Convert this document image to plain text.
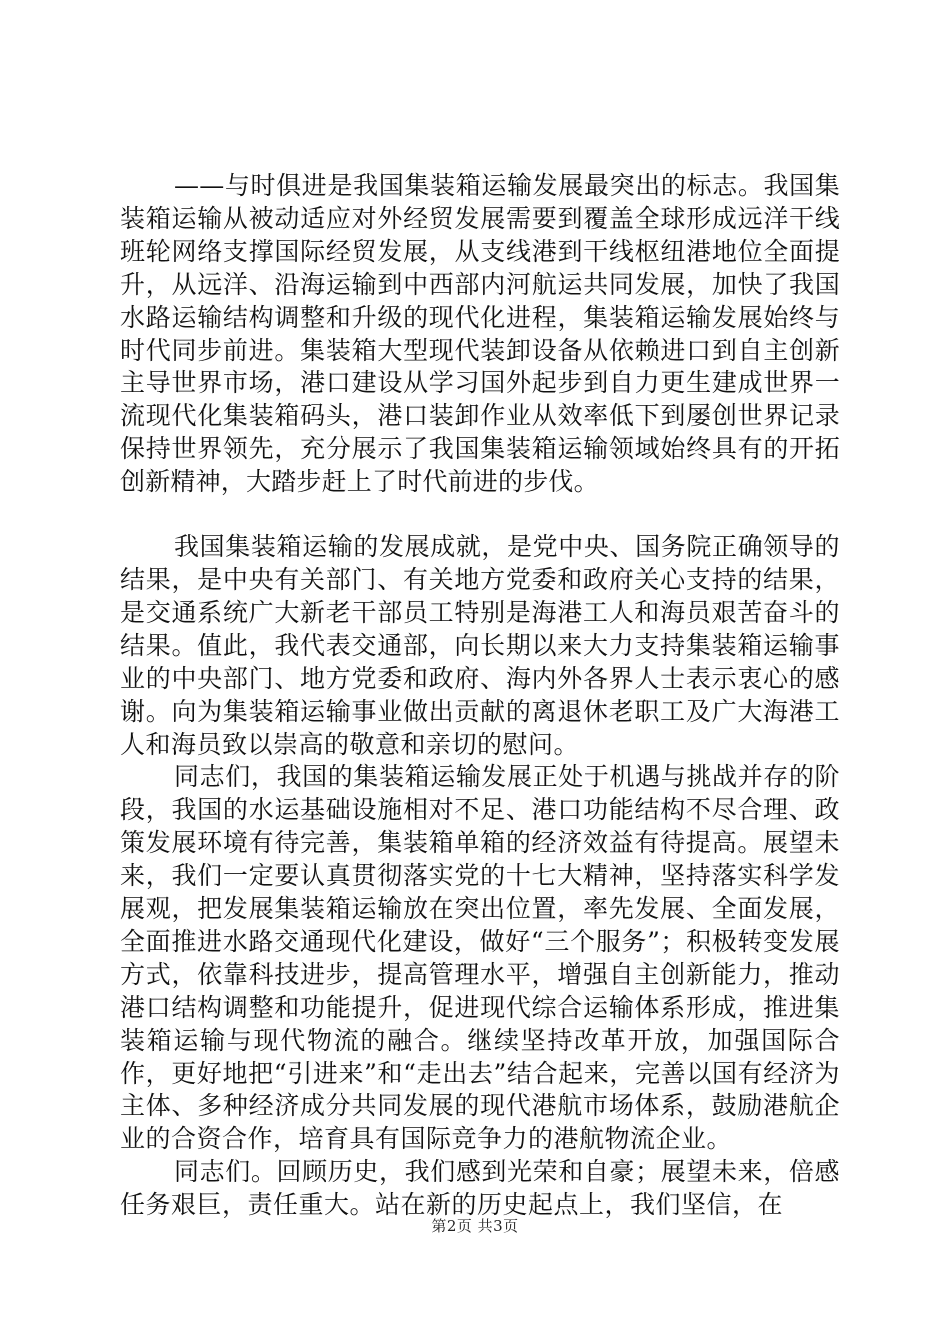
——与时俱进是我国集装箱运输发展最突出的标志。我国集装箱运输从被动适应对外经贸发展需要到覆盖全球形成远洋干线班轮网络支撑国际经贸发展，从支线港到干线枢纽港地位全面提升，从远洋、沿海运输到中西部内河航运共同发展，加快了我国水路运输结构调整和升级的现代化进程，集装箱运输发展始终与时代同步前进。集装箱大型现代装卸设备从依赖进口到自主创新主导世界市场，港口建设从学习国外起步到自力更生建成世界一流现代化集装箱码头，港口装卸作业从效率低下到屡创世界记录保持世界领先，充分展示了我国集装箱运输领域始终具有的开拓创新精神，大踏步赶上了时代前进的步伐。

我国集装箱运输的发展成就，是党中央、国务院正确领导的结果，是中央有关部门、有关地方党委和政府关心支持的结果，是交通系统广大新老干部员工特别是海港工人和海员艰苦奋斗的结果。值此，我代表交通部，向长期以来大力支持集装箱运输事业的中央部门、地方党委和政府、海内外各界人士表示衷心的感谢。向为集装箱运输事业做出贡献的离退休老职工及广大海港工人和海员致以崇高的敬意和亲切的慰问。

同志们，我国的集装箱运输发展正处于机遇与挑战并存的阶段，我国的水运基础设施相对不足、港口功能结构不尽合理、政策发展环境有待完善，集装箱单箱的经济效益有待提高。展望未来，我们一定要认真贯彻落实党的十七大精神，坚持落实科学发展观，把发展集装箱运输放在突出位置，率先发展、全面发展，全面推进水路交通现代化建设，做好“三个服务”；积极转变发展方式，依靠科技进步，提高管理水平，增强自主创新能力，推动港口结构调整和功能提升，促进现代综合运输体系形成，推进集装箱运输与现代物流的融合。继续坚持改革开放，加强国际合作，更好地把“引进来”和“走出去”结合起来，完善以国有经济为主体、多种经济成分共同发展的现代港航市场体系，鼓励港航企业的合资合作，培育具有国际竞争力的港航物流企业。

同志们。回顾历史，我们感到光荣和自豪；展望未来，倍感任务艰巨，责任重大。站在新的历史起点上，我们坚信，在

第2页 共3页
